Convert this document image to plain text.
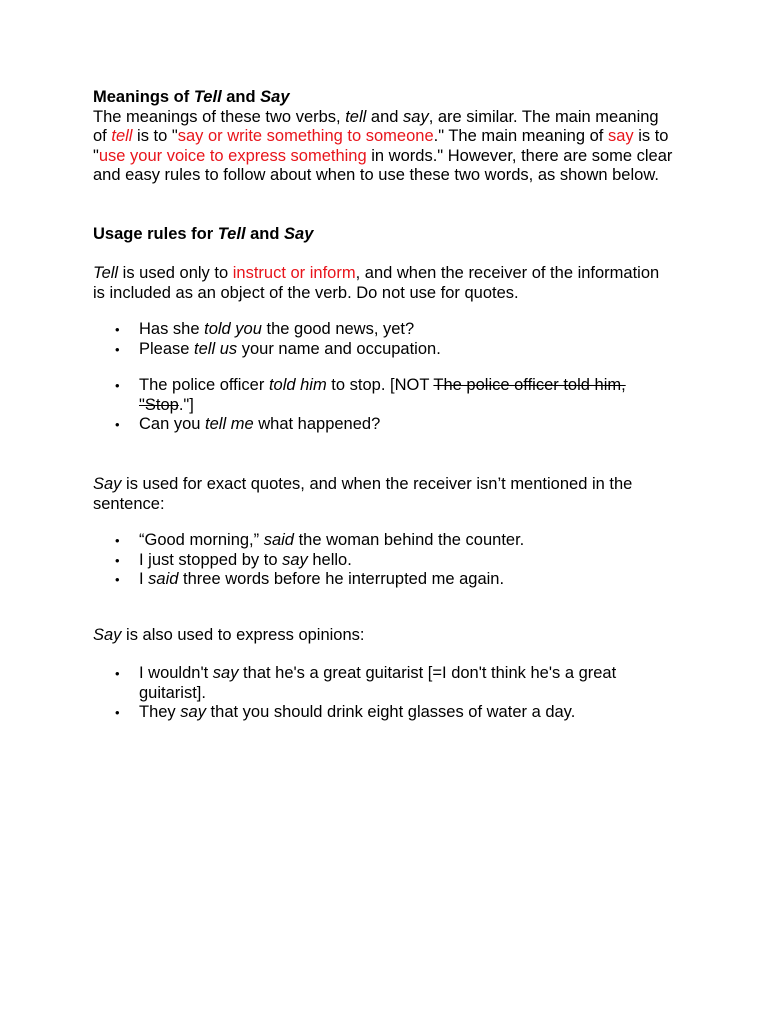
Meanings of Tell and Say
The meanings of these two verbs, tell and say, are similar. The main meaning of tell is to "say or write something to someone." The main meaning of say is to "use your voice to express something in words." However, there are some clear and easy rules to follow about when to use these two words, as shown below.
Usage rules for Tell and Say
Tell is used only to instruct or inform, and when the receiver of the information is included as an object of the verb. Do not use for quotes.
• Has she told you the good news, yet?
• Please tell us your name and occupation.
• The police officer told him to stop. [NOT The police officer told him, "Stop."]
• Can you tell me what happened?
Say is used for exact quotes, and when the receiver isn’t mentioned in the sentence:
• “Good morning,” said the woman behind the counter.
• I just stopped by to say hello.
• I said three words before he interrupted me again.
Say is also used to express opinions:
• I wouldn't say that he's a great guitarist [=I don't think he's a great guitarist].
• They say that you should drink eight glasses of water a day.
